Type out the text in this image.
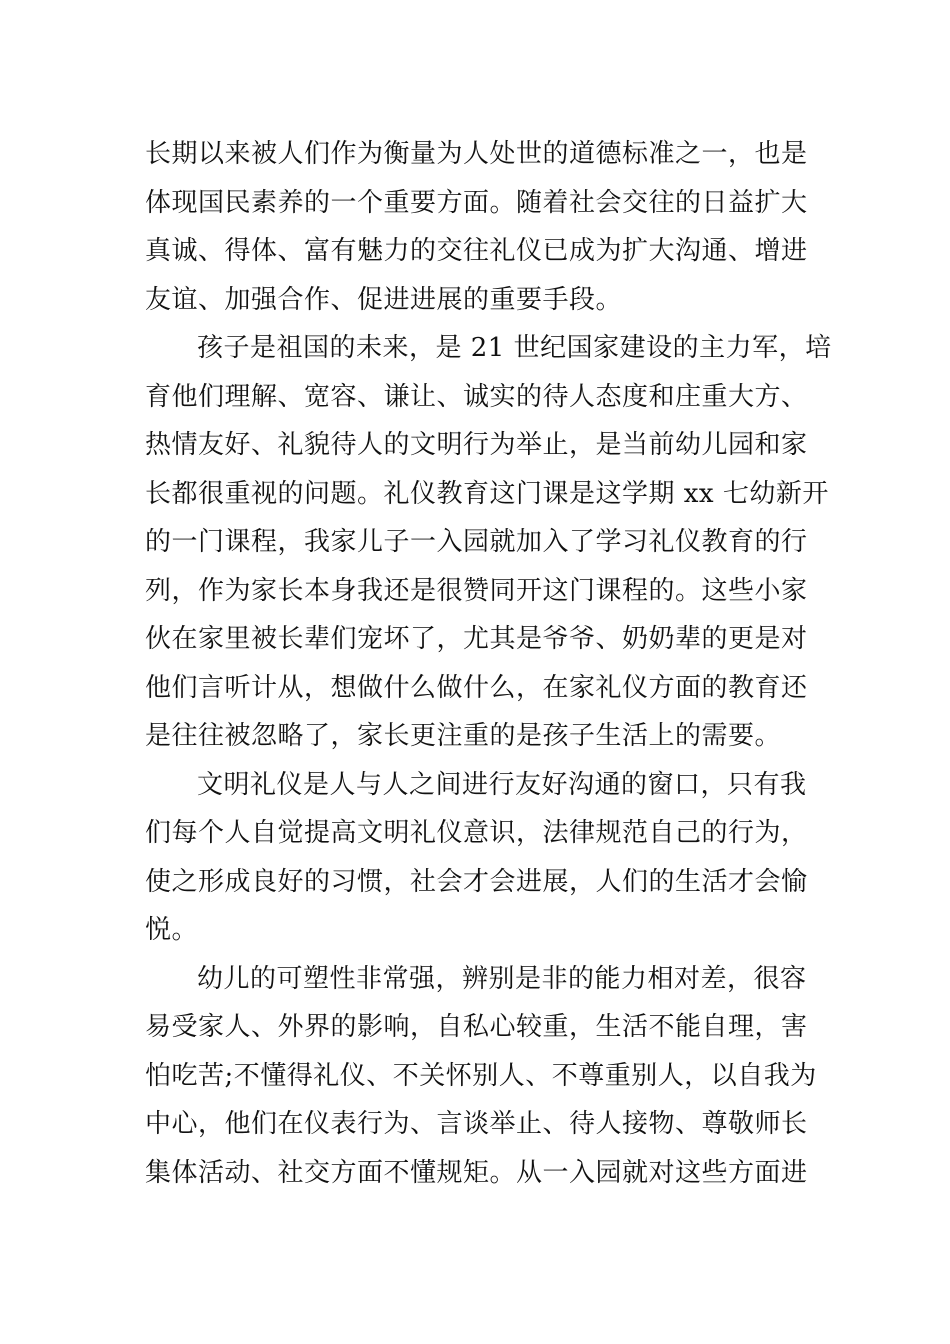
长期以来被人们作为衡量为人处世的道德标准之一，也是
体现国民素养的一个重要方面。随着社会交往的日益扩大
真诚、得体、富有魅力的交往礼仪已成为扩大沟通、增进
友谊、加强合作、促进进展的重要手段。
孩子是祖国的未来，是 21 世纪国家建设的主力军，培
育他们理解、宽容、谦让、诚实的待人态度和庄重大方、
热情友好、礼貌待人的文明行为举止，是当前幼儿园和家
长都很重视的问题。礼仪教育这门课是这学期 xx 七幼新开
的一门课程，我家儿子一入园就加入了学习礼仪教育的行
列，作为家长本身我还是很赞同开这门课程的。这些小家
伙在家里被长辈们宠坏了，尤其是爷爷、奶奶辈的更是对
他们言听计从，想做什么做什么，在家礼仪方面的教育还
是往往被忽略了，家长更注重的是孩子生活上的需要。
文明礼仪是人与人之间进行友好沟通的窗口，只有我
们每个人自觉提高文明礼仪意识，法律规范自己的行为，
使之形成良好的习惯，社会才会进展，人们的生活才会愉
悦。
幼儿的可塑性非常强，辨别是非的能力相对差，很容
易受家人、外界的影响，自私心较重，生活不能自理，害
怕吃苦;不懂得礼仪、不关怀别人、不尊重别人，以自我为
中心，他们在仪表行为、言谈举止、待人接物、尊敬师长
集体活动、社交方面不懂规矩。从一入园就对这些方面进
